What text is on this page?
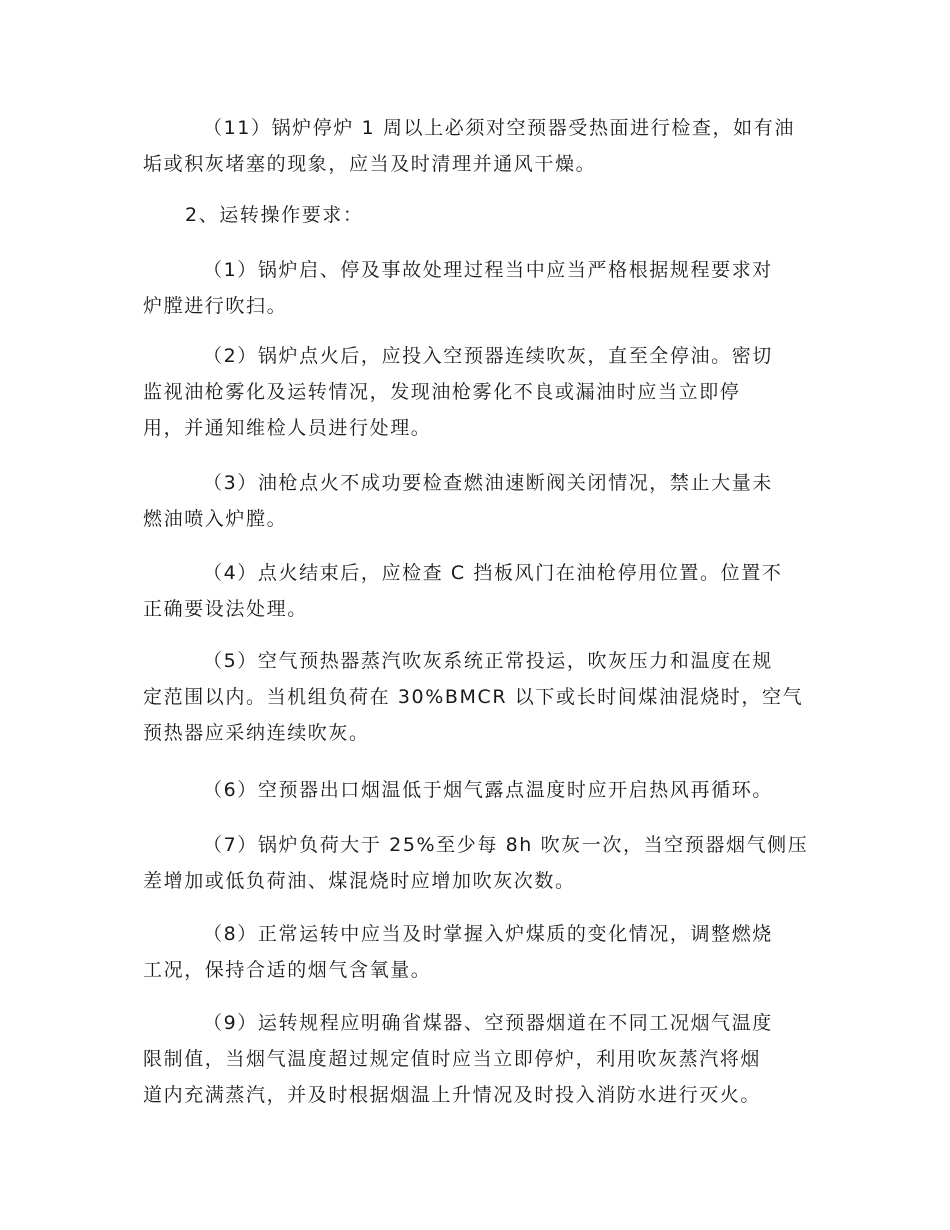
（11）锅炉停炉 1 周以上必须对空预器受热面进行检查，如有油
垢或积灰堵塞的现象，应当及时清理并通风干燥。

2、运转操作要求：

（1）锅炉启、停及事故处理过程当中应当严格根据规程要求对
炉膛进行吹扫。

（2）锅炉点火后，应投入空预器连续吹灰，直至全停油。密切
监视油枪雾化及运转情况，发现油枪雾化不良或漏油时应当立即停
用，并通知维检人员进行处理。

（3）油枪点火不成功要检查燃油速断阀关闭情况，禁止大量未
燃油喷入炉膛。

（4）点火结束后，应检查 C 挡板风门在油枪停用位置。位置不
正确要设法处理。

（5）空气预热器蒸汽吹灰系统正常投运，吹灰压力和温度在规
定范围以内。当机组负荷在 30%BMCR 以下或长时间煤油混烧时，空气
预热器应采纳连续吹灰。

（6）空预器出口烟温低于烟气露点温度时应开启热风再循环。

（7）锅炉负荷大于 25%至少每 8h 吹灰一次，当空预器烟气侧压
差增加或低负荷油、煤混烧时应增加吹灰次数。

（8）正常运转中应当及时掌握入炉煤质的变化情况，调整燃烧
工况，保持合适的烟气含氧量。

（9）运转规程应明确省煤器、空预器烟道在不同工况烟气温度
限制值，当烟气温度超过规定值时应当立即停炉，利用吹灰蒸汽将烟
道内充满蒸汽，并及时根据烟温上升情况及时投入消防水进行灭火。
